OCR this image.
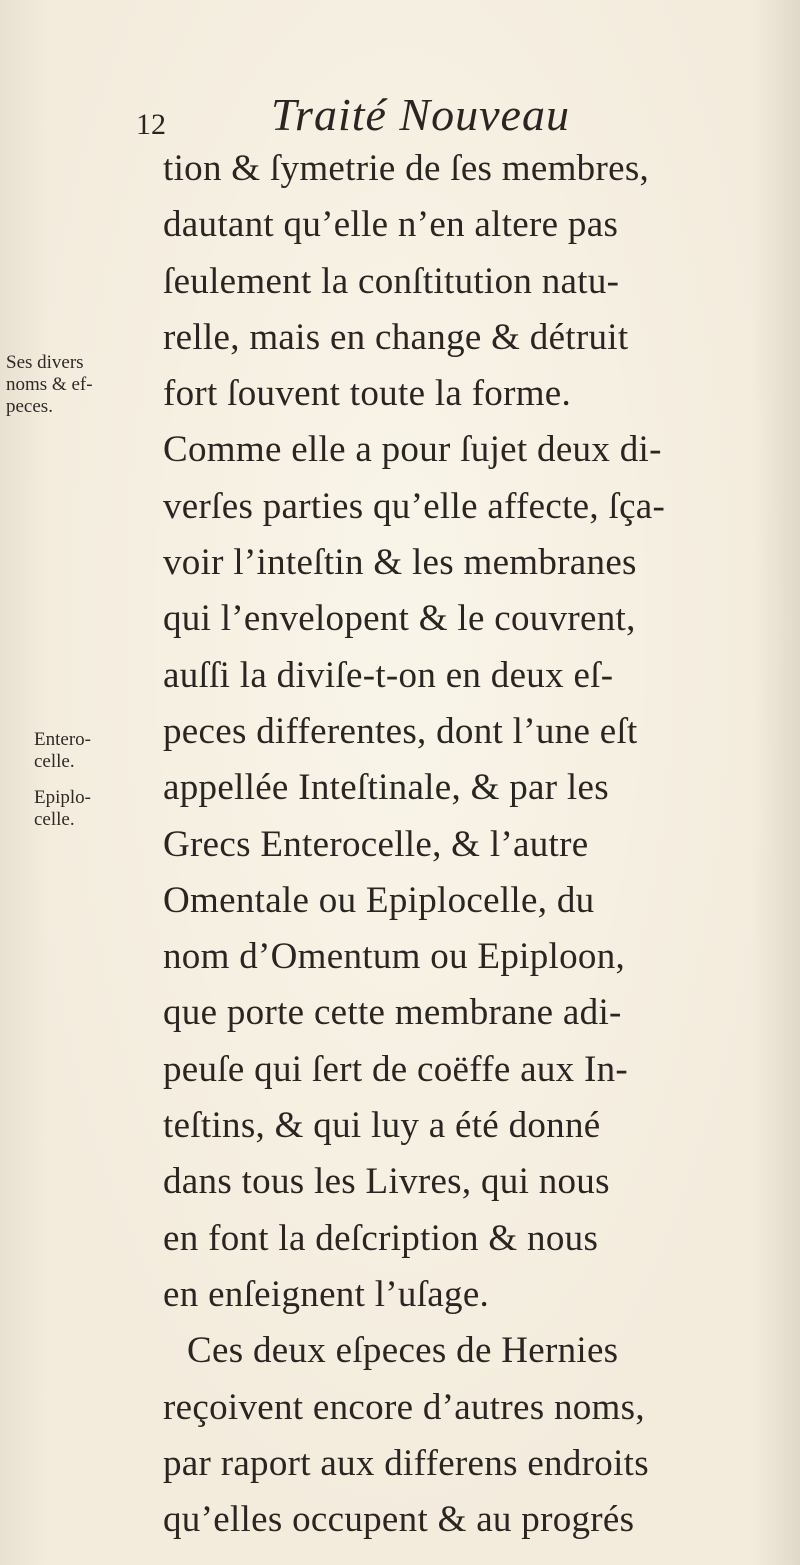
12 Traité Nouveau
Ses divers
noms & ef-
peces.
Entero-
celle.
Epiplo-
celle.
tion & ſymetrie de ſes membres,
dautant qu’elle n’en altere pas
ſeulement la conſtitution natu-
relle, mais en change & détruit
fort ſouvent toute la forme.
Comme elle a pour ſujet deux di-
verſes parties qu’elle affecte, ſça-
voir l’inteſtin & les membranes
qui l’envelopent & le couvrent,
auſſi la diviſe-t-on en deux eſ-
peces differentes, dont l’une eſt
appellée Inteſtinale, & par les
Grecs Enterocelle, & l’autre
Omentale ou Epiplocelle, du
nom d’Omentum ou Epiploon,
que porte cette membrane adi-
peuſe qui ſert de coëffe aux In-
teſtins, & qui luy a été donné
dans tous les Livres, qui nous
en font la deſcription & nous
en enſeignent l’uſage.
Ces deux eſpeces de Hernies
reçoivent encore d’autres noms,
par raport aux differens endroits
qu’elles occupent & au progrés
